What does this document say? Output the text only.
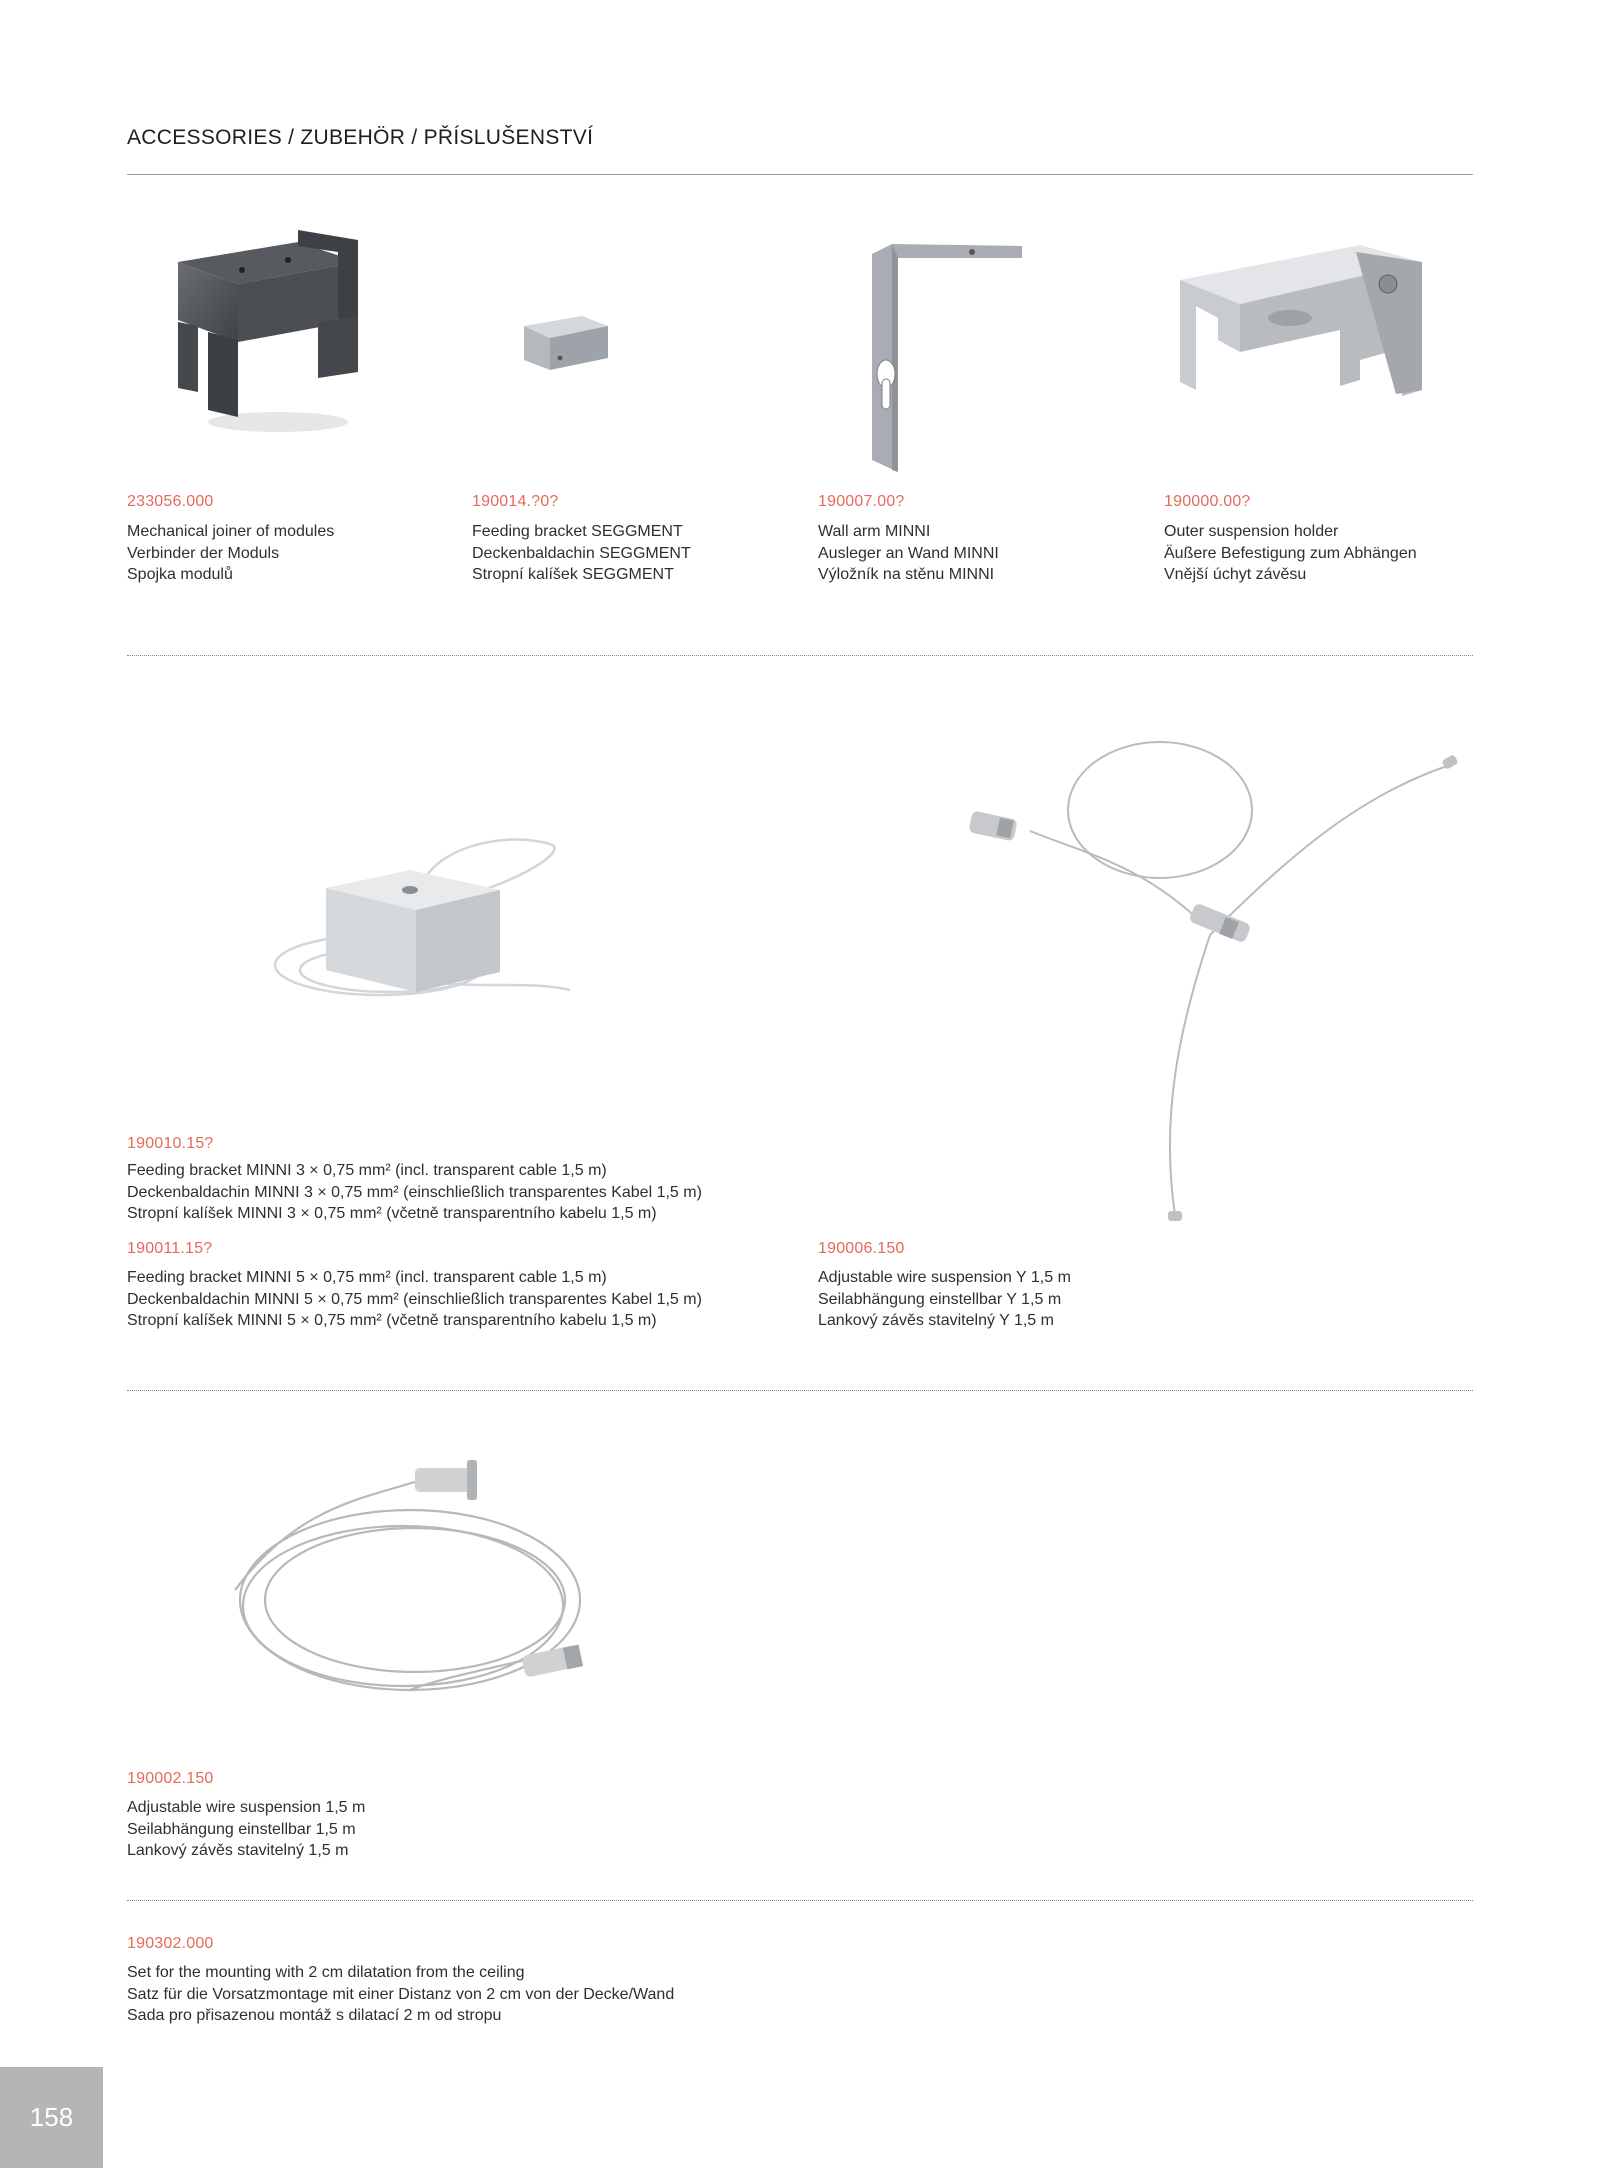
ACCESSORIES / ZUBEHÖR / PŘÍSLUŠENSTVÍ
233056.000
Mechanical joiner of modules
Verbinder der Moduls
Spojka modulů
190014.?0?
Feeding bracket SEGGMENT
Deckenbaldachin SEGGMENT
Stropní kalíšek SEGGMENT
190007.00?
Wall arm MINNI
Ausleger an Wand MINNI
Výložník na stěnu MINNI
190000.00?
Outer suspension holder
Äußere Befestigung zum Abhängen
Vnější úchyt závěsu
190010.15?
Feeding bracket MINNI 3 × 0,75 mm² (incl. transparent cable 1,5 m)
Deckenbaldachin MINNI 3 × 0,75 mm² (einschließlich transparentes Kabel 1,5 m)
Stropní kalíšek MINNI 3 × 0,75 mm² (včetně transparentního kabelu 1,5 m)
190011.15?
Feeding bracket MINNI 5 × 0,75 mm² (incl. transparent cable 1,5 m)
Deckenbaldachin MINNI 5 × 0,75 mm² (einschließlich transparentes Kabel 1,5 m)
Stropní kalíšek MINNI 5 × 0,75 mm² (včetně transparentního kabelu 1,5 m)
190006.150
Adjustable wire suspension Y 1,5 m
Seilabhängung einstellbar Y 1,5 m
Lankový závěs stavitelný Y 1,5 m
190002.150
Adjustable wire suspension 1,5 m
Seilabhängung einstellbar 1,5 m
Lankový závěs stavitelný 1,5 m
190302.000
Set for the mounting with 2 cm dilatation from the ceiling
Satz für die Vorsatzmontage mit einer Distanz von 2 cm von der Decke/Wand
Sada pro přisazenou montáž s dilatací 2 m od stropu
158
